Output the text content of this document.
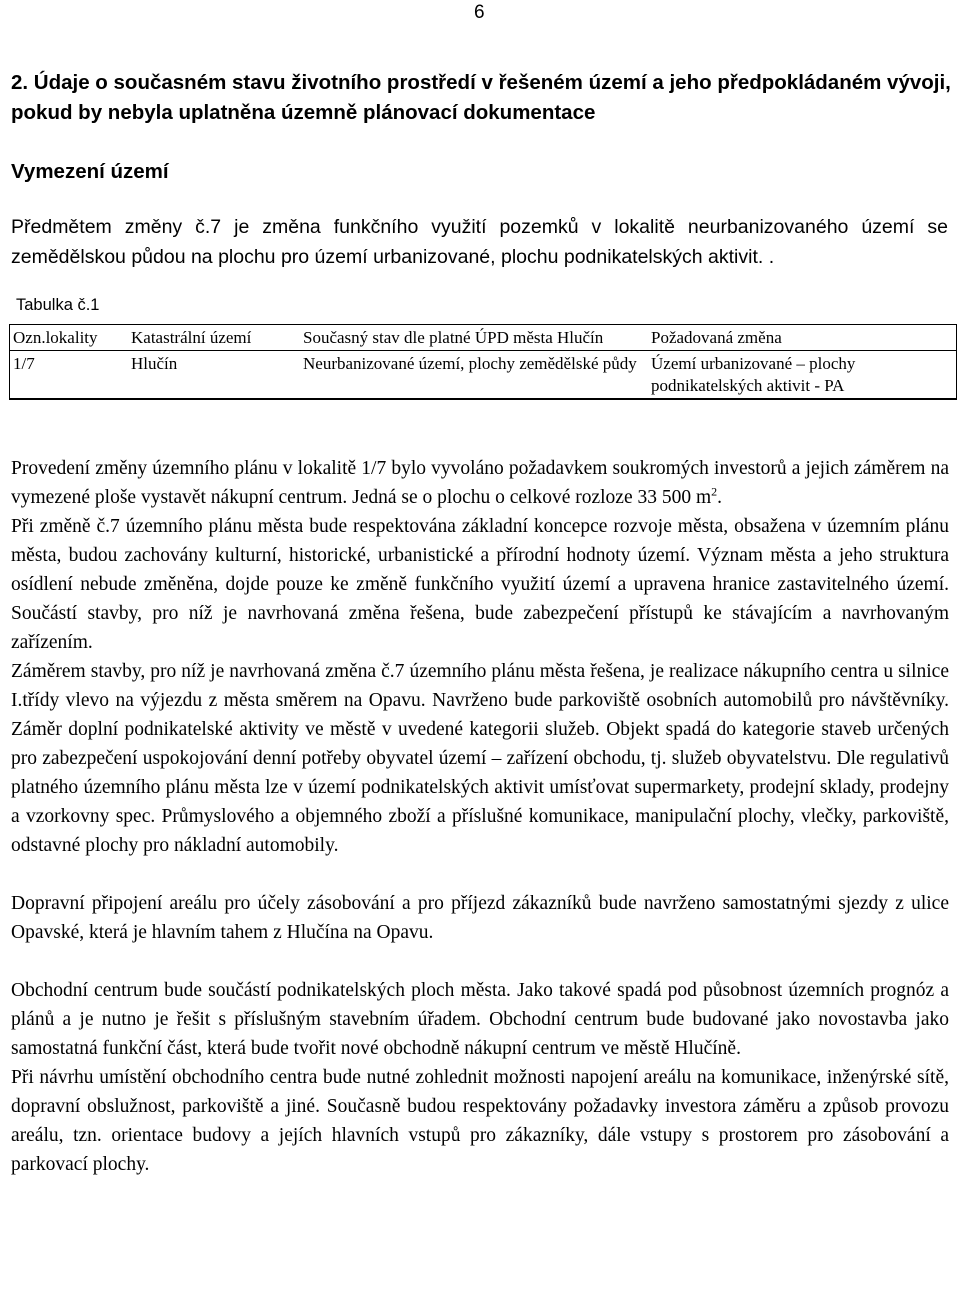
6
2. Údaje o současném stavu životního prostředí v řešeném území a jeho předpokládaném vývoji, pokud by nebyla uplatněna územně plánovací dokumentace
Vymezení území

Předmětem změny č.7 je změna funkčního využití pozemků v lokalitě neurbanizovaného území se zemědělskou půdou na plochu pro území urbanizované, plochu podnikatelských aktivit. .

Tabulka č.1
Ozn.lokality	Katastrální území	Současný stav dle platné ÚPD města Hlučín	Požadovaná změna
1/7	Hlučín	Neurbanizované území, plochy zemědělské půdy	Území urbanizované – plochy podnikatelských aktivit - PA

Provedení změny územního plánu v lokalitě 1/7 bylo vyvoláno požadavkem soukromých investorů a jejich záměrem na vymezené ploše vystavět nákupní centrum. Jedná se o plochu o celkové rozloze 33 500 $m^2$.

Při změně č.7 územního plánu města bude respektována základní koncepce rozvoje města, obsažena v územním plánu města, budou zachovány kulturní, historické, urbanistické a přírodní hodnoty území. Význam města a jeho struktura osídlení nebude změněna, dojde pouze ke změně funkčního využití území a upravena hranice zastavitelného území. Součástí stavby, pro níž je navrhovaná změna řešena, bude zabezpečení přístupů ke stávajícím a navrhovaným zařízením.

Záměrem stavby, pro níž je navrhovaná změna č.7 územního plánu města řešena, je realizace nákupního centra u silnice I.třídy vlevo na výjezdu z města směrem na Opavu. Navrženo bude parkoviště osobních automobilů pro návštěvníky. Záměr doplní podnikatelské aktivity ve městě v uvedené kategorii služeb. Objekt spadá do kategorie staveb určených pro zabezpečení uspokojování denní potřeby obyvatel území – zařízení obchodu, tj. služeb obyvatelstvu. Dle regulativů platného územního plánu města lze v území podnikatelských aktivit umísťovat supermarkety, prodejní sklady, prodejny a vzorkovny spec. Průmyslového a objemného zboží a příslušné komunikace, manipulační plochy, vlečky, parkoviště, odstavné plochy pro nákladní automobily.

Dopravní připojení areálu pro účely zásobování a pro příjezd zákazníků bude navrženo samostatnými sjezdy z ulice Opavské, která je hlavním tahem z Hlučína na Opavu.

Obchodní centrum bude součástí podnikatelských ploch města. Jako takové spadá pod působnost územních prognóz a plánů a je nutno je řešit s příslušným stavebním úřadem. Obchodní centrum bude budované jako novostavba jako samostatná funkční část, která bude tvořit nové obchodně nákupní centrum ve městě Hlučíně.

Při návrhu umístění obchodního centra bude nutné zohlednit možnosti napojení areálu na komunikace, inženýrské sítě, dopravní obslužnost, parkoviště a jiné. Současně budou respektovány požadavky investora záměru a způsob provozu areálu, tzn. orientace budovy a jejích hlavních vstupů pro zákazníky, dále vstupy s prostorem pro zásobování a parkovací plochy.
